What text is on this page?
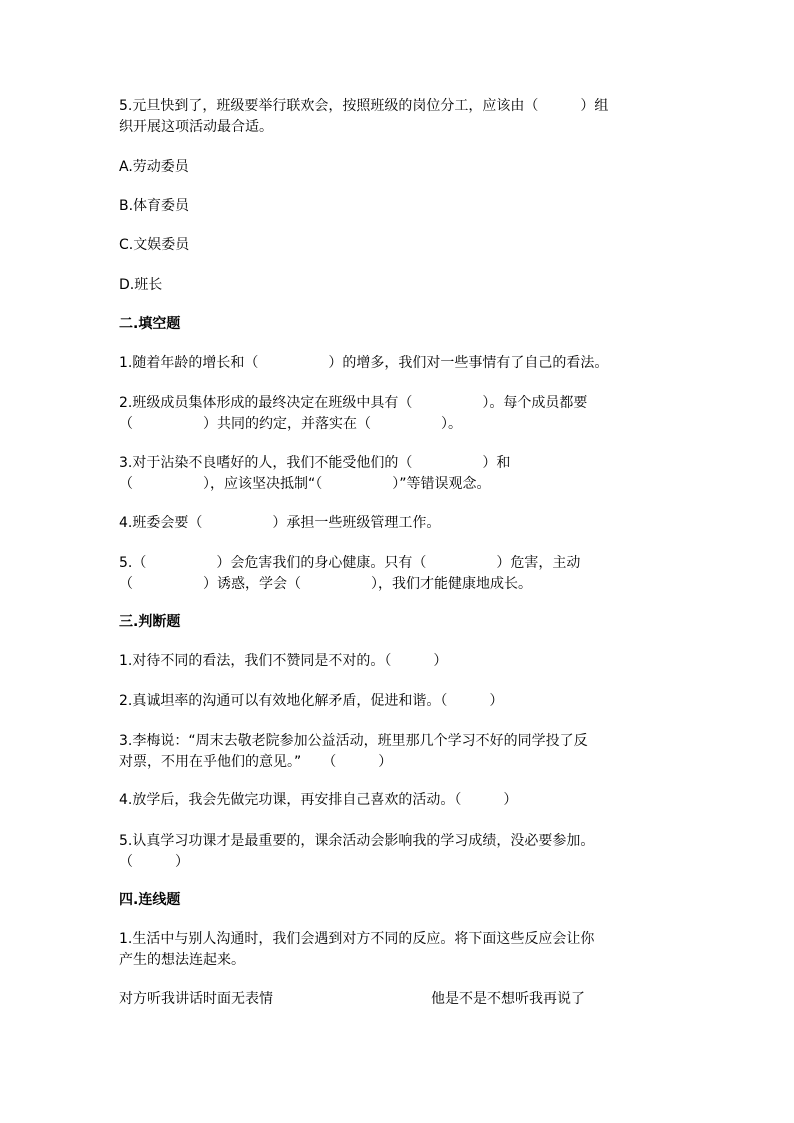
5.元旦快到了，班级要举行联欢会，按照班级的岗位分工，应该由（　　　）组
织开展这项活动最合适。
A.劳动委员
B.体育委员
C.文娱委员
D.班长
二.填空题
1.随着年龄的增长和（　　　　　）的增多，我们对一些事情有了自己的看法。
2.班级成员集体形成的最终决定在班级中具有（　　　　　）。每个成员都要
（　　　　　）共同的约定，并落实在（　　　　　）。
3.对于沾染不良嗜好的人，我们不能受他们的（　　　　　）和
（　　　　　），应该坚决抵制“（　　　　　）”等错误观念。
4.班委会要（　　　　　）承担一些班级管理工作。
5.（　　　　　）会危害我们的身心健康。只有（　　　　　）危害，主动
（　　　　　）诱惑，学会（　　　　　），我们才能健康地成长。
三.判断题
1.对待不同的看法，我们不赞同是不对的。（　　　）
2.真诚坦率的沟通可以有效地化解矛盾，促进和谐。（　　　）
3.李梅说：“周末去敬老院参加公益活动，班里那几个学习不好的同学投了反
对票，不用在乎他们的意见。”　　（　　　）
4.放学后，我会先做完功课，再安排自己喜欢的活动。（　　　）
5.认真学习功课才是最重要的，课余活动会影响我的学习成绩，没必要参加。
（　　　）
四.连线题
1.生活中与别人沟通时，我们会遇到对方不同的反应。将下面这些反应会让你
产生的想法连起来。
对方听我讲话时面无表情	他是不是不想听我再说了
